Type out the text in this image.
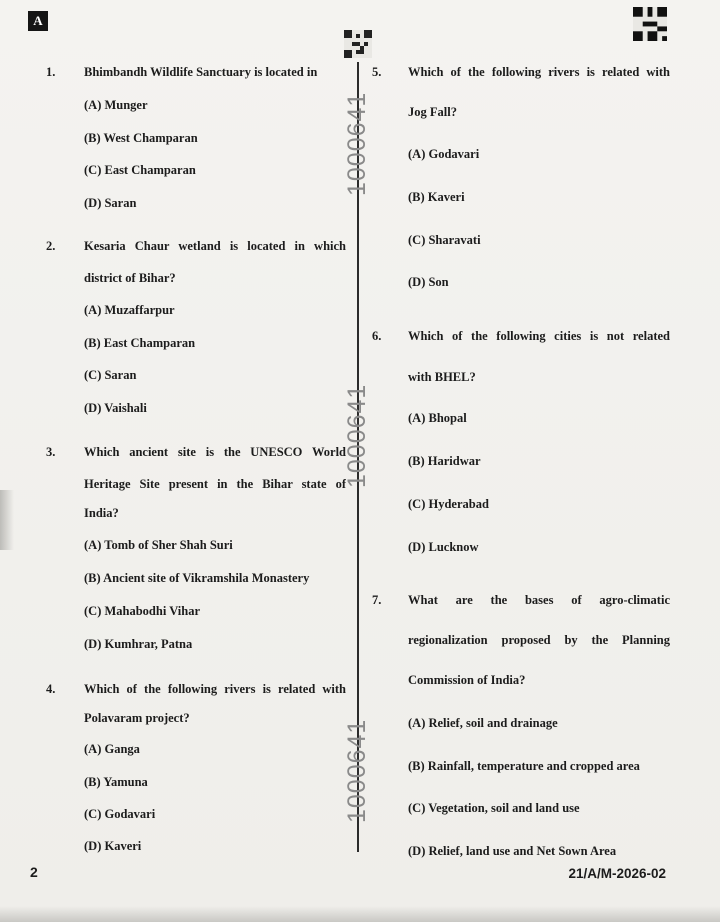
A
1000641
1000641
1000641
1. Bhimbandh Wildlife Sanctuary is located in
(A) Munger
(B) West Champaran
(C) East Champaran
(D) Saran
2. Kesaria Chaur wetland is located in which
district of Bihar?
(A) Muzaffarpur
(B) East Champaran
(C) Saran
(D) Vaishali
3. Which ancient site is the UNESCO World
Heritage Site present in the Bihar state of
India?
(A) Tomb of Sher Shah Suri
(B) Ancient site of Vikramshila Monastery
(C) Mahabodhi Vihar
(D) Kumhrar, Patna
4. Which of the following rivers is related with
Polavaram project?
(A) Ganga
(B) Yamuna
(C) Godavari
(D) Kaveri
5. Which of the following rivers is related with
Jog Fall?
(A) Godavari
(B) Kaveri
(C) Sharavati
(D) Son
6. Which of the following cities is not related
with BHEL?
(A) Bhopal
(B) Haridwar
(C) Hyderabad
(D) Lucknow
7. What are the bases of agro-climatic
regionalization proposed by the Planning
Commission of India?
(A) Relief, soil and drainage
(B) Rainfall, temperature and cropped area
(C) Vegetation, soil and land use
(D) Relief, land use and Net Sown Area
2	21/A/M-2026-02
